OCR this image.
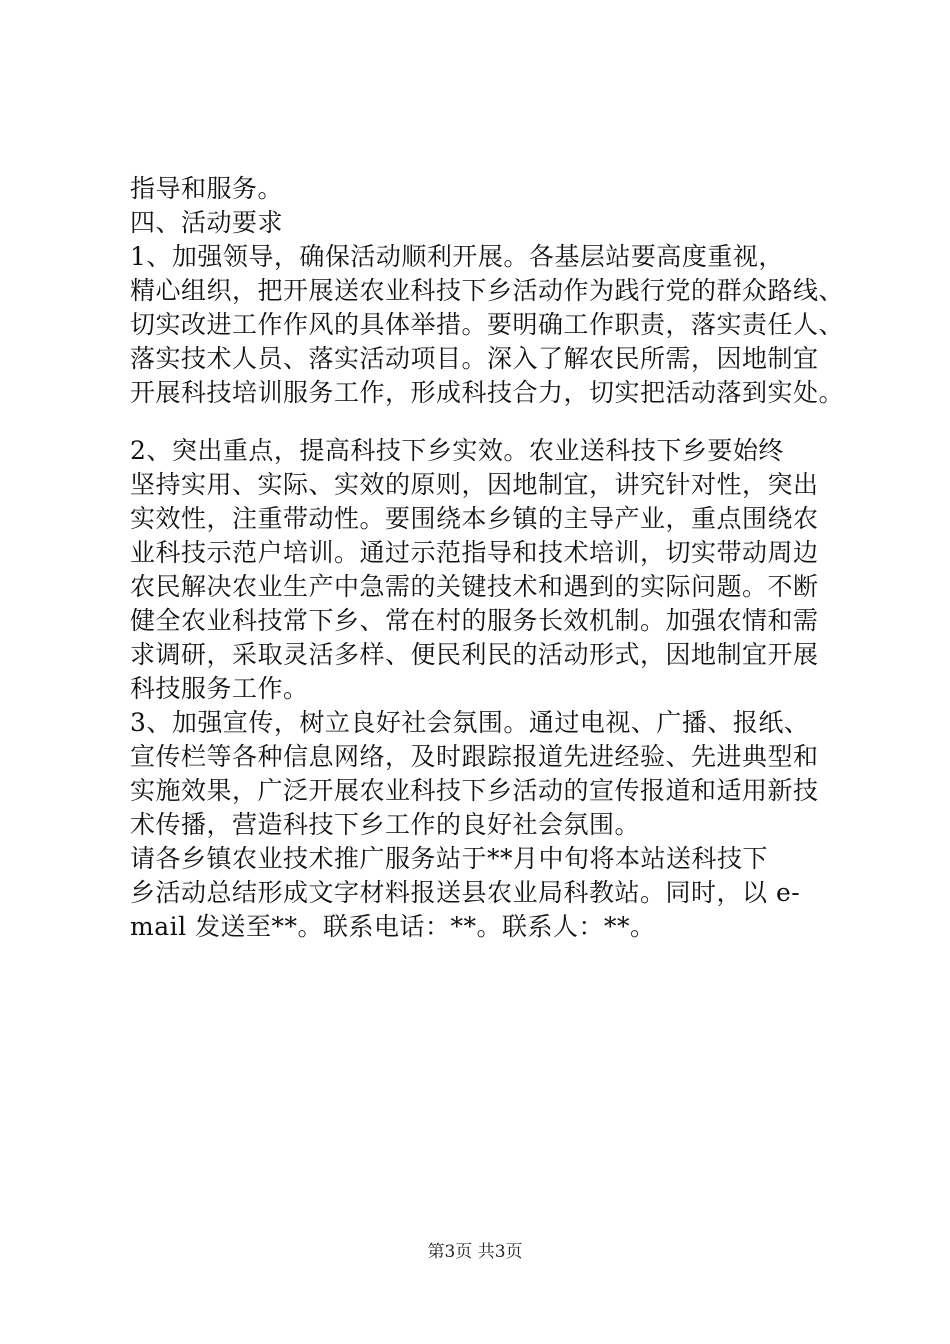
指导和服务。
四、活动要求
1、加强领导，确保活动顺利开展。各基层站要高度重视，
精心组织，把开展送农业科技下乡活动作为践行党的群众路线、
切实改进工作作风的具体举措。要明确工作职责，落实责任人、
落实技术人员、落实活动项目。深入了解农民所需，因地制宜
开展科技培训服务工作，形成科技合力，切实把活动落到实处。
2、突出重点，提高科技下乡实效。农业送科技下乡要始终
坚持实用、实际、实效的原则，因地制宜，讲究针对性，突出
实效性，注重带动性。要围绕本乡镇的主导产业，重点围绕农
业科技示范户培训。通过示范指导和技术培训，切实带动周边
农民解决农业生产中急需的关键技术和遇到的实际问题。不断
健全农业科技常下乡、常在村的服务长效机制。加强农情和需
求调研，采取灵活多样、便民利民的活动形式，因地制宜开展
科技服务工作。
3、加强宣传，树立良好社会氛围。通过电视、广播、报纸、
宣传栏等各种信息网络，及时跟踪报道先进经验、先进典型和
实施效果，广泛开展农业科技下乡活动的宣传报道和适用新技
术传播，营造科技下乡工作的良好社会氛围。
请各乡镇农业技术推广服务站于**月中旬将本站送科技下
乡活动总结形成文字材料报送县农业局科教站。同时，以 e-
mail 发送至**。联系电话：**。联系人：**。
第3页 共3页
